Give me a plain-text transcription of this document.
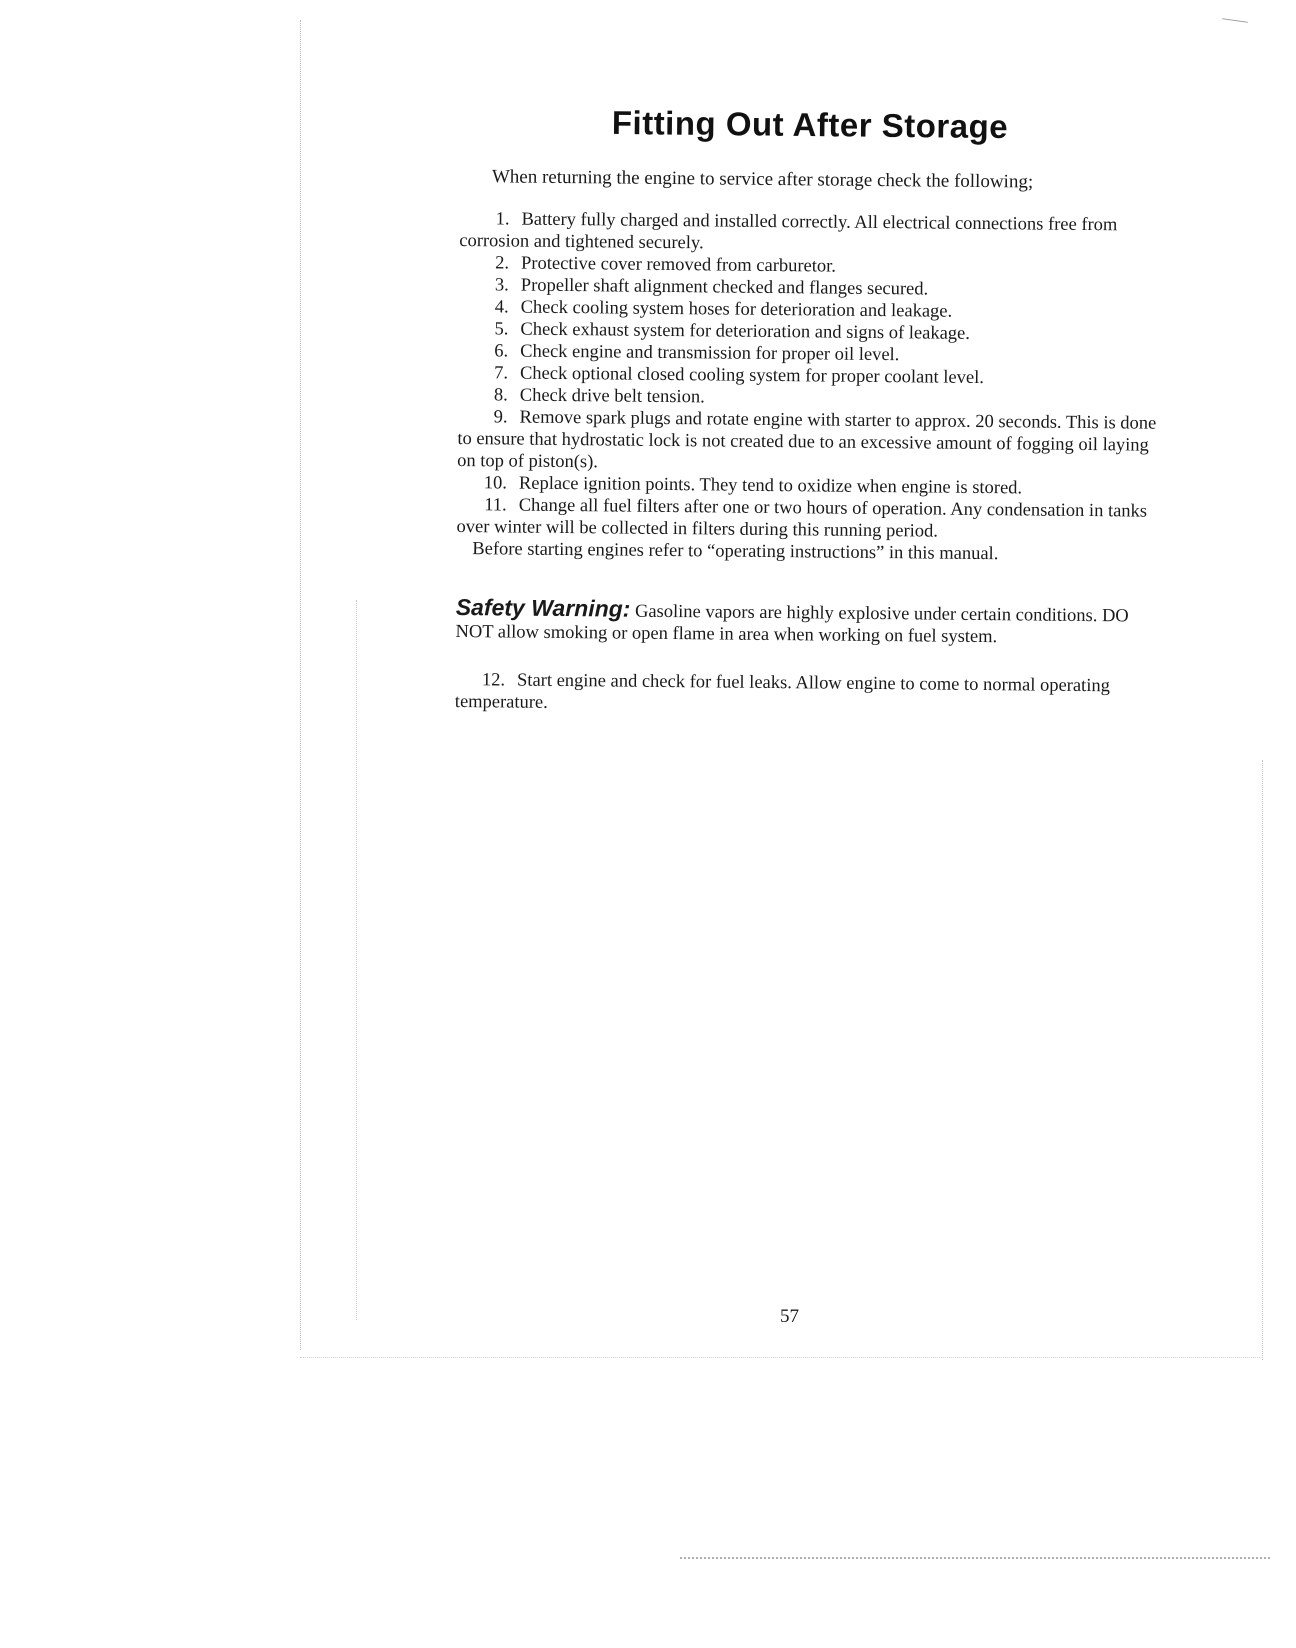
Fitting Out After Storage

When returning the engine to service after storage check the following;

1. Battery fully charged and installed correctly. All electrical connections free from corrosion and tightened securely.
2. Protective cover removed from carburetor.
3. Propeller shaft alignment checked and flanges secured.
4. Check cooling system hoses for deterioration and leakage.
5. Check exhaust system for deterioration and signs of leakage.
6. Check engine and transmission for proper oil level.
7. Check optional closed cooling system for proper coolant level.
8. Check drive belt tension.
9. Remove spark plugs and rotate engine with starter to approx. 20 seconds. This is done to ensure that hydrostatic lock is not created due to an excessive amount of fogging oil laying on top of piston(s).
10. Replace ignition points. They tend to oxidize when engine is stored.
11. Change all fuel filters after one or two hours of operation. Any condensation in tanks over winter will be collected in filters during this running period.
Before starting engines refer to “operating instructions” in this manual.
Safety Warning: Gasoline vapors are highly explosive under certain conditions. DO NOT allow smoking or open flame in area when working on fuel system.
12. Start engine and check for fuel leaks. Allow engine to come to normal operating temperature.
57
